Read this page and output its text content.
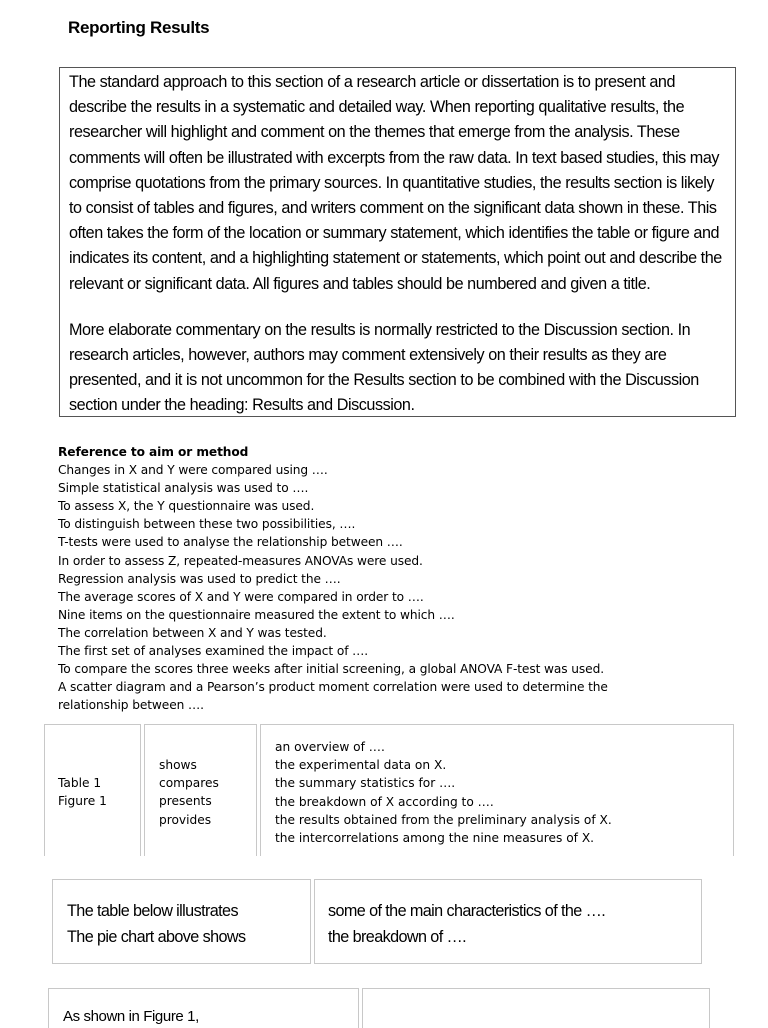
Reporting Results

The standard approach to this section of a research article or dissertation is to present and describe the results in a systematic and detailed way. When reporting qualitative results, the researcher will highlight and comment on the themes that emerge from the analysis. These comments will often be illustrated with excerpts from the raw data. In text based studies, this may comprise quotations from the primary sources. In quantitative studies, the results section is likely to consist of tables and figures, and writers comment on the significant data shown in these. This often takes the form of the location or summary statement, which identifies the table or figure and indicates its content, and a highlighting statement or statements, which point out and describe the relevant or significant data. All figures and tables should be numbered and given a title.

More elaborate commentary on the results is normally restricted to the Discussion section. In research articles, however, authors may comment extensively on their results as they are presented, and it is not uncommon for the Results section to be combined with the Discussion section under the heading: Results and Discussion.

Reference to aim or method
Changes in X and Y were compared using ….
Simple statistical analysis was used to ….
To assess X, the Y questionnaire was used.
To distinguish between these two possibilities, ….
T-tests were used to analyse the relationship between ….
In order to assess Z, repeated-measures ANOVAs were used.
Regression analysis was used to predict the ….
The average scores of X and Y were compared in order to ….
Nine items on the questionnaire measured the extent to which ….
The correlation between X and Y was tested.
The first set of analyses examined the impact of ….
To compare the scores three weeks after initial screening, a global ANOVA F-test was used.
A scatter diagram and a Pearson’s product moment correlation were used to determine the relationship between ….
Table 1
Figure 1
shows
compares
presents
provides
an overview of ….
the experimental data on X.
the summary statistics for ….
the breakdown of X according to ….
the results obtained from the preliminary analysis of X.
the intercorrelations among the nine measures of X.
The table below illustrates
The pie chart above shows
some of the main characteristics of the ….
the breakdown of ….
As shown in Figure 1,
